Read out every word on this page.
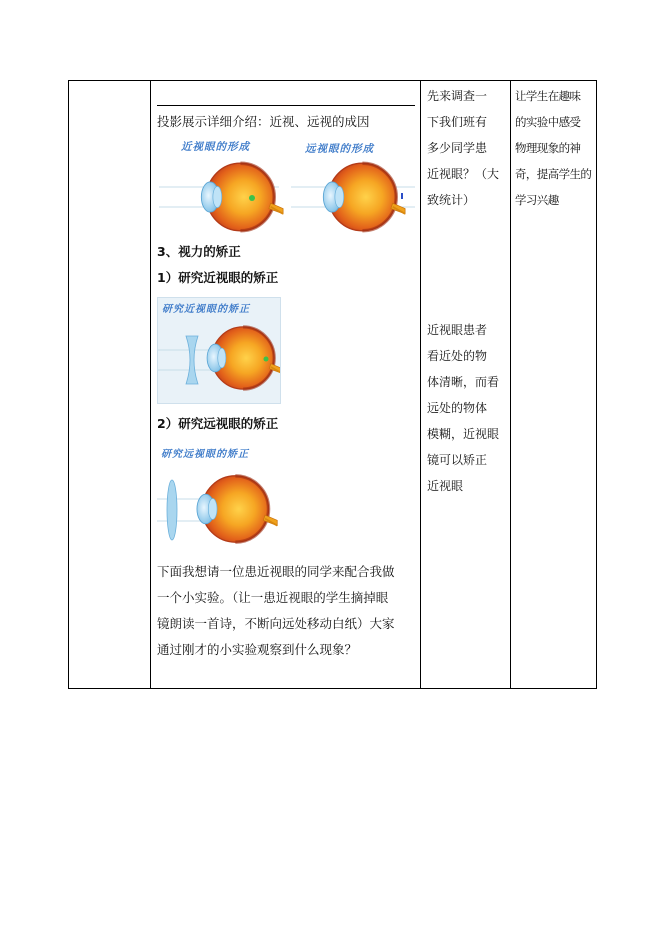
投影展示详细介绍：近视、远视的成因
近视眼的形成	远视眼的形成
3、视力的矫正
1）研究近视眼的矫正
研究近视眼的矫正
2）研究远视眼的矫正
研究远视眼的矫正
下面我想请一位患近视眼的同学来配合我做
一个小实验。（让一患近视眼的学生摘掉眼
镜朗读一首诗，不断向远处移动白纸）大家
通过刚才的小实验观察到什么现象？
先来调查一
下我们班有
多少同学患
近视眼？（大
致统计）
近视眼患者
看近处的物
体清晰，而看
远处的物体
模糊，近视眼
镜可以矫正
近视眼
让学生在趣味
的实验中感受
物理现象的神
奇，提高学生的
学习兴趣
